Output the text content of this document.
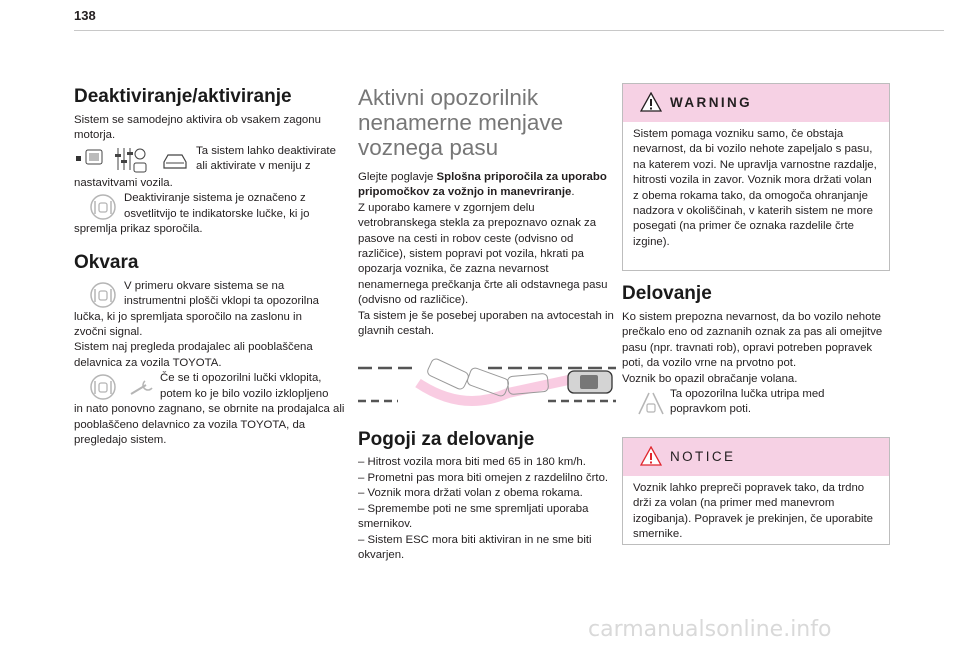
138
Deaktiviranje/aktiviranje

Sistem se samodejno aktivira ob vsakem zagonu motorja.

Ta sistem lahko deaktivirate

ali aktivirate v meniju z

nastavitvami vozila.

Deaktiviranje sistema je označeno z

osvetlitvijo te indikatorske lučke, ki jo

spremlja prikaz sporočila.

Okvara

V primeru okvare sistema se na

instrumentni plošči vklopi ta opozorilna

lučka, ki jo spremljata sporočilo na zaslonu in

zvočni signal.

Sistem naj pregleda prodajalec ali pooblaščena delavnica za vozila TOYOTA.

Če se ti opozorilni lučki vklopita,

potem ko je bilo vozilo izklopljeno

in nato ponovno zagnano, se obrnite na prodajalca ali pooblaščeno delavnico za vozila TOYOTA, da pregledajo sistem.

Aktivni opozorilnik nenamerne menjave voznega pasu

Glejte poglavje Splošna priporočila za uporabo pripomočkov za vožnjo in manevriranje.

Z uporabo kamere v zgornjem delu vetrobranskega stekla za prepoznavo oznak za pasove na cesti in robov ceste (odvisno od različice), sistem popravi pot vozila, hkrati pa opozarja voznika, če zazna nevarnost nenamernega prečkanja črte ali odstavnega pasu (odvisno od različice).

Ta sistem je še posebej uporaben na avtocestah in glavnih cestah.

Pogoji za delovanje

– Hitrost vozila mora biti med 65 in 180 km/h.

– Prometni pas mora biti omejen z razdelilno črto.

– Voznik mora držati volan z obema rokama.

– Spremembe poti ne sme spremljati uporaba smernikov.

– Sistem ESC mora biti aktiviran in ne sme biti okvarjen.

WARNING
Sistem pomaga vozniku samo, če obstaja nevarnost, da bi vozilo nehote zapeljalo s pasu, na katerem vozi. Ne upravlja varnostne razdalje, hitrosti vozila in zavor. Voznik mora držati volan z obema rokama tako, da omogoča ohranjanje nadzora v okoliščinah, v katerih sistem ne more posegati (na primer če oznaka razdelile črte izgine).
Delovanje

Ko sistem prepozna nevarnost, da bo vozilo nehote prečkalo eno od zaznanih oznak za pas ali omejitve pasu (npr. travnati rob), opravi potreben popravek poti, da vozilo vrne na prvotno pot.

Voznik bo opazil obračanje volana.

Ta opozorilna lučka utripa med

popravkom poti.

NOTICE
Voznik lahko prepreči popravek tako, da trdno drži za volan (na primer med manevrom izogibanja). Popravek je prekinjen, če uporabite smernike.
carmanualsonline.info
